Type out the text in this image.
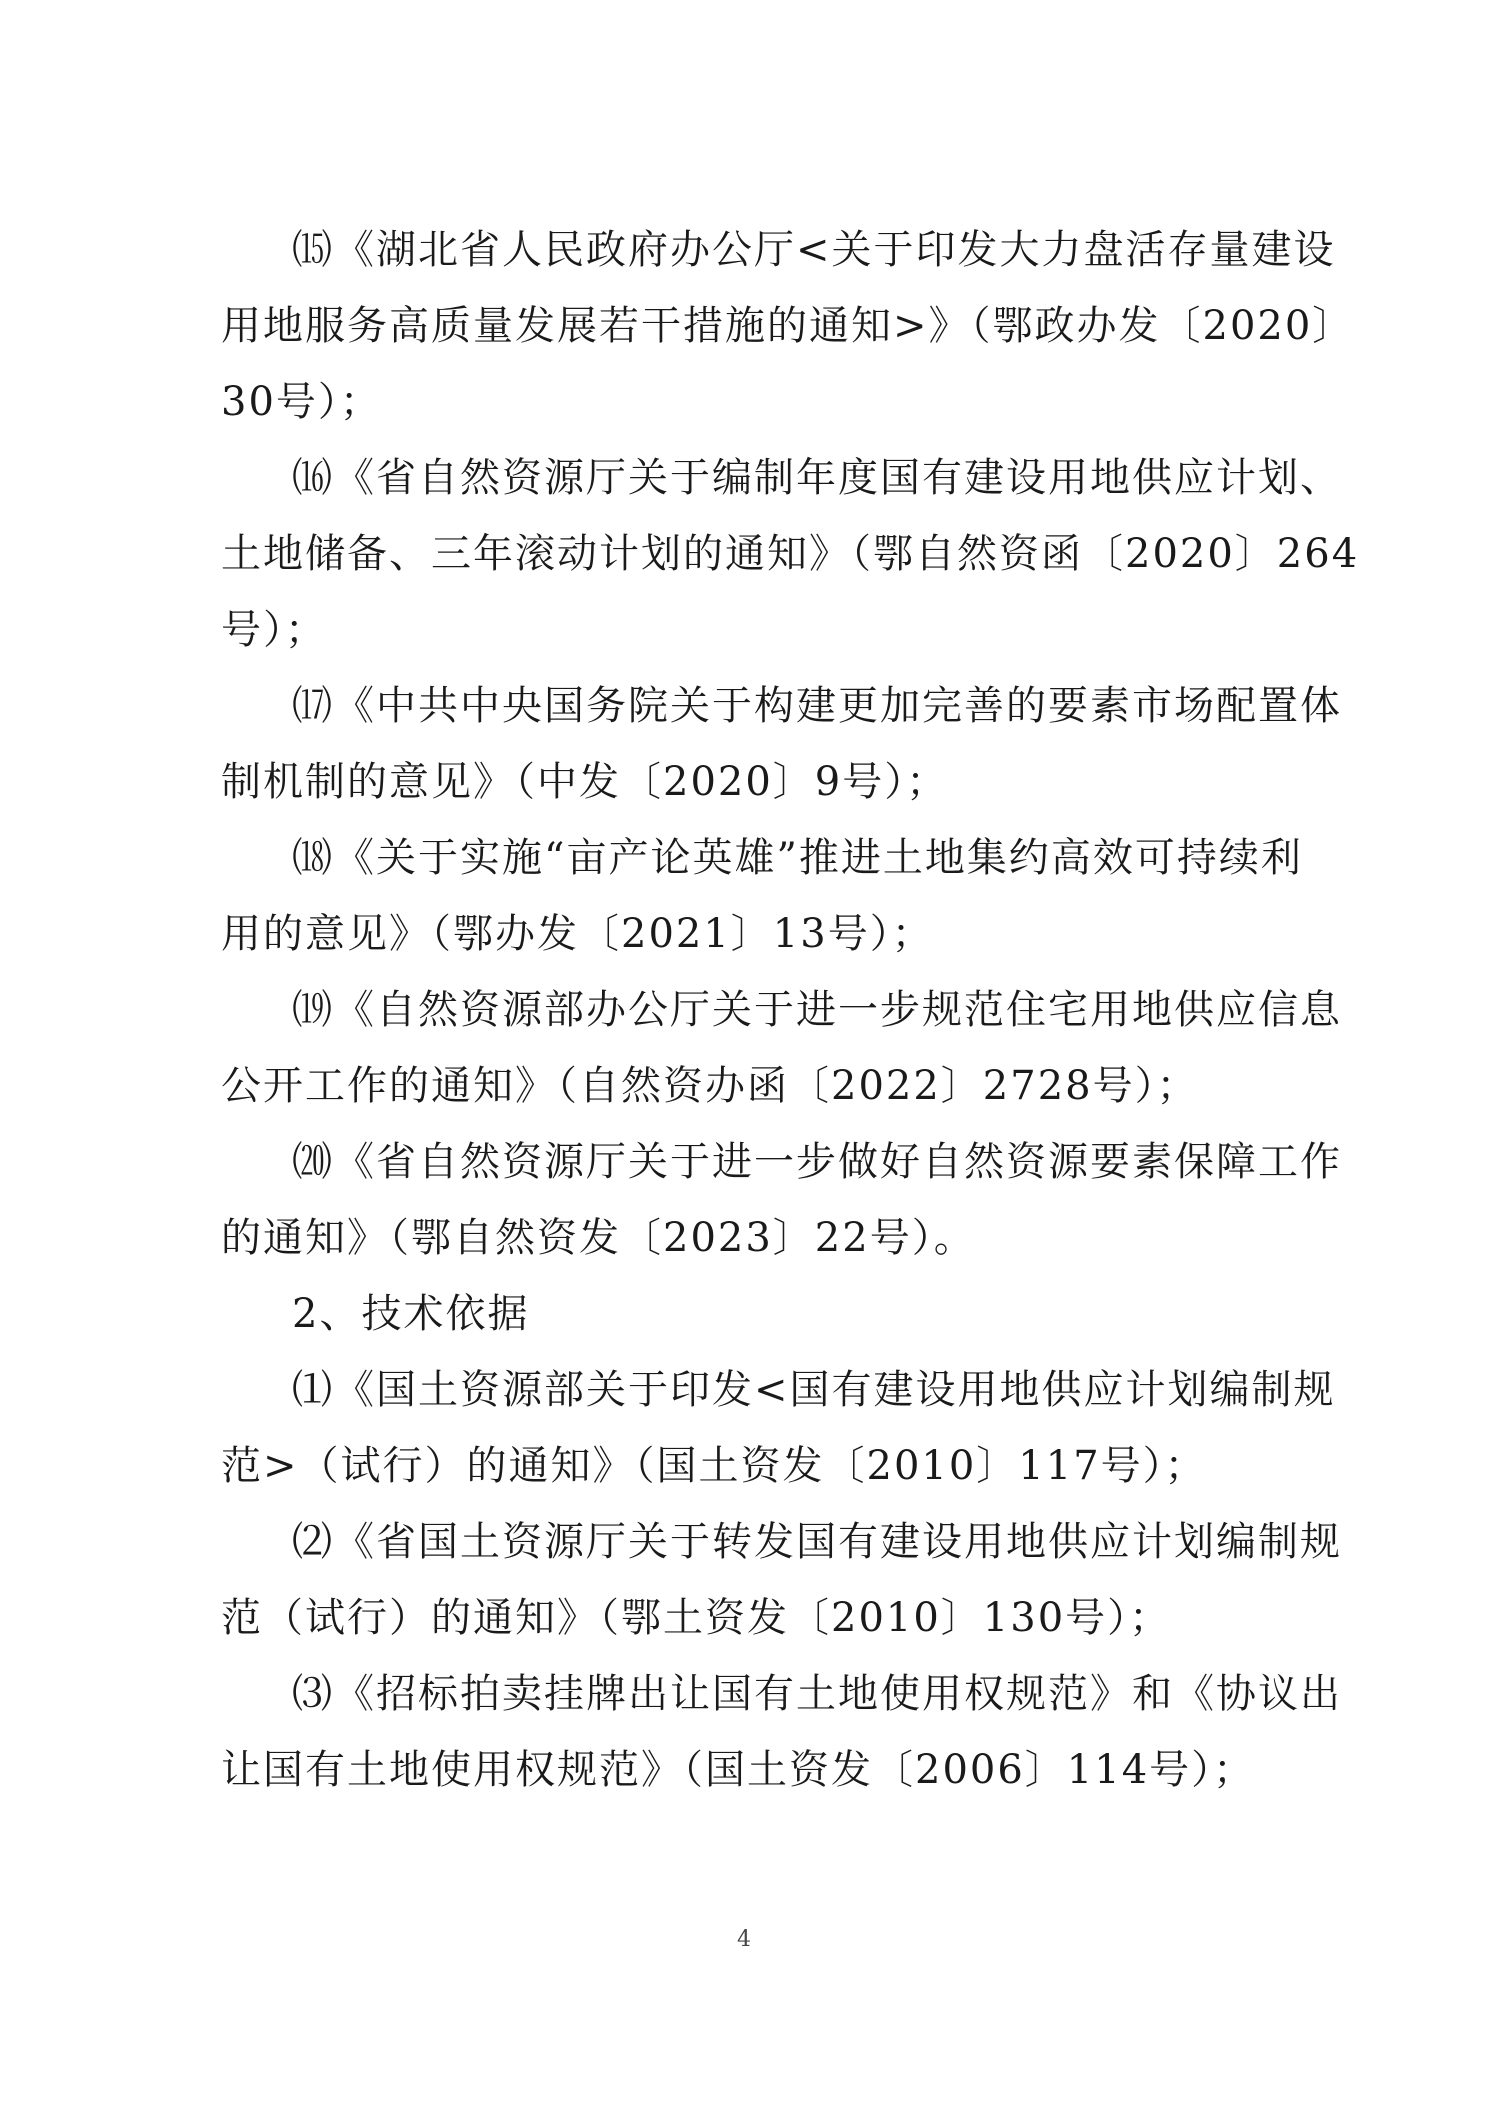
⒂《湖北省人民政府办公厅<关于印发大力盘活存量建设
用地服务高质量发展若干措施的通知>》（鄂政办发〔2020〕
30号）；
⒃《省自然资源厅关于编制年度国有建设用地供应计划、
土地储备、三年滚动计划的通知》（鄂自然资函〔2020〕264
号）；
⒄《中共中央国务院关于构建更加完善的要素市场配置体
制机制的意见》（中发〔2020〕9号）；
⒅《关于实施“亩产论英雄”推进土地集约高效可持续利
用的意见》（鄂办发〔2021〕13号）；
⒆《自然资源部办公厅关于进一步规范住宅用地供应信息
公开工作的通知》（自然资办函〔2022〕2728号）；
⒇《省自然资源厅关于进一步做好自然资源要素保障工作
的通知》（鄂自然资发〔2023〕22号）。
2、技术依据
⑴《国土资源部关于印发<国有建设用地供应计划编制规
范>（试行）的通知》（国土资发〔2010〕117号）；
⑵《省国土资源厅关于转发国有建设用地供应计划编制规
范（试行）的通知》（鄂土资发〔2010〕130号）；
⑶《招标拍卖挂牌出让国有土地使用权规范》和《协议出
让国有土地使用权规范》（国土资发〔2006〕114号）；
4
